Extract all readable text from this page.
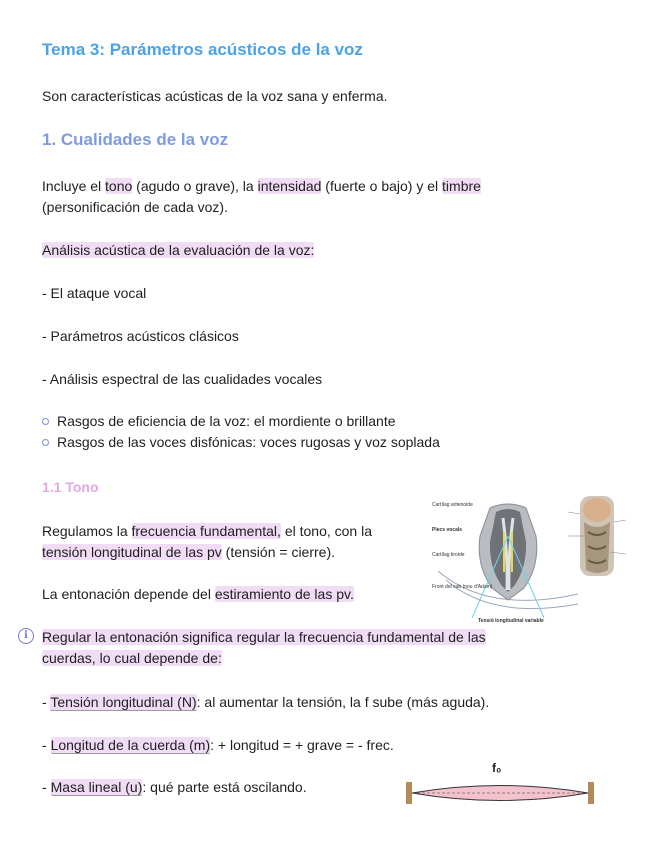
Tema 3: Parámetros acústicos de la voz
Son características acústicas de la voz sana y enferma.
1. Cualidades de la voz
Incluye el tono (agudo o grave), la intensidad (fuerte o bajo) y el timbre
(personificación de cada voz).
Análisis acústica de la evaluación de la voz:
- El ataque vocal
- Parámetros acústicos clásicos
- Análisis espectral de las cualidades vocales
Rasgos de eficiencia de la voz: el mordiente o brillante
Rasgos de las voces disfónicas: voces rugosas y voz soplada
1.1 Tono
Regulamos la frecuencia fundamental, el tono, con la
tensión longitudinal de las pv (tensión = cierre).
La entonación depende del estiramiento de las pv.
i	Regular la entonación significa regular la frecuencia fundamental de las
cuerdas, lo cual depende de:
- Tensión longitudinal (N): al aumentar la tensión, la f sube (más aguda).
- Longitud de la cuerda (m): + longitud = + grave = - frec.
- Masa lineal (u): qué parte está oscilando.
Cartílag aritenoide
Plecs vocals
Cartílag tiroide
Front del sub (nou d'Adam)
Tensió longitudinal variable
f₀
